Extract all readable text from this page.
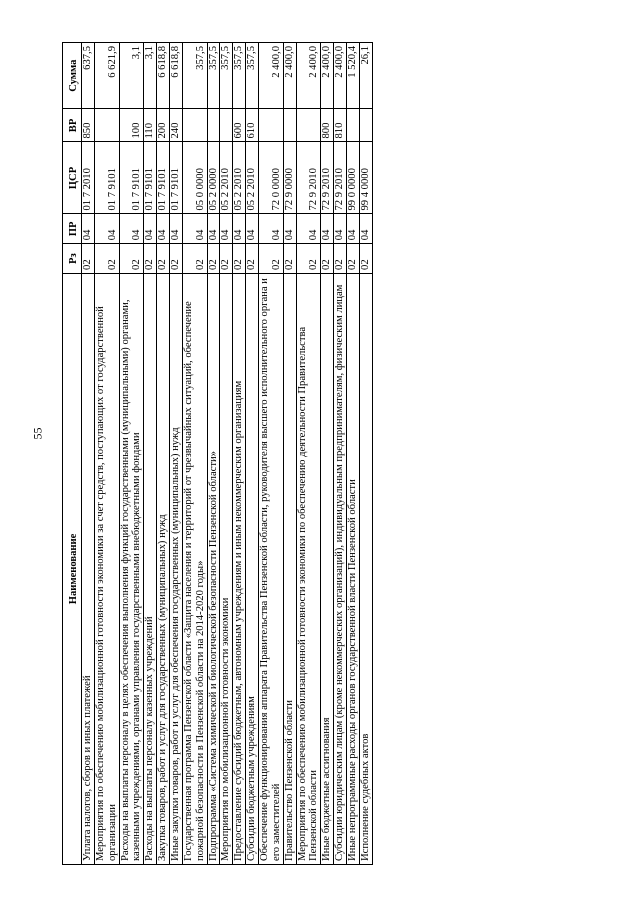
55
Наименование	Рз	ПР	ЦСР	ВР	Сумма
Уплата налогов, сборов и иных платежей	02	04	01 7 2010	850	637,5
Мероприятия по обеспечению мобилизационной готовности экономики за счет средств, поступающих от государственной организации	02	04	01 7 9101		6 621,9
Расходы на выплаты персоналу в целях обеспечения выполнения функций государственными (муниципальными) органами, казенными учреждениями, органами управления государственными внебюджетными фондами	02	04	01 7 9101	100	3,1
Расходы на выплаты персоналу казенных учреждений	02	04	01 7 9101	110	3,1
Закупка товаров, работ и услуг для государственных (муниципальных) нужд	02	04	01 7 9101	200	6 618,8
Иные закупки товаров, работ и услуг для обеспечения государственных (муниципальных) нужд	02	04	01 7 9101	240	6 618,8
Государственная программа Пензенской области «Защита населения и территорий от чрезвычайных ситуаций, обеспечение пожарной безопасности в Пензенской области на 2014-2020 годы»	02	04	05 0 0000		357,5
Подпрограмма «Система химической и биологической безопасности Пензенской области»	02	04	05 2 0000		357,5
Мероприятия по мобилизационной готовности экономики	02	04	05 2 2010		357,5
Предоставление субсидий бюджетным, автономным учреждениям и иным некоммерческим организациям	02	04	05 2 2010	600	357,5
Субсидии бюджетным учреждениям	02	04	05 2 2010	610	357,5
Обеспечение функционирования аппарата Правительства Пензенской области, руководителя высшего исполнительного органа и его заместителей	02	04	72 0 0000		2 400,0
Правительство Пензенской области	02	04	72 9 0000		2 400,0
Мероприятия по обеспечению мобилизационной готовности экономики по обеспечению деятельности Правительства Пензенской области	02	04	72 9 2010		2 400,0
Иные бюджетные ассигнования	02	04	72 9 2010	800	2 400,0
Субсидии юридическим лицам (кроме некоммерческих организаций), индивидуальным предпринимателям, физическим лицам	02	04	72 9 2010	810	2 400,0
Иные непрограммные расходы органов государственной власти Пензенской области	02	04	99 0 0000		1 520,4
Исполнение судебных актов	02	04	99 4 0000		26,1
